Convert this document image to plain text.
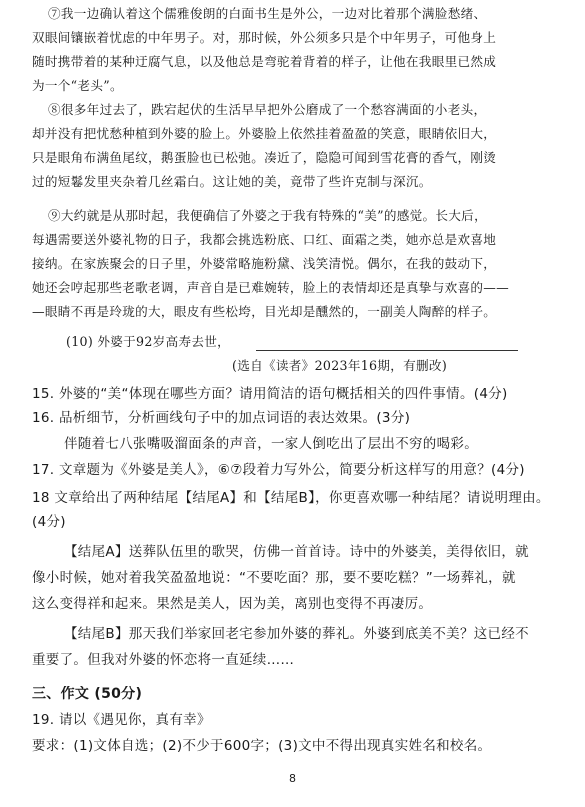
⑦我一边确认着这个儒雅俊朗的白面书生是外公，一边对比着那个满脸愁绪、
双眼间镶嵌着忧虑的中年男子。对，那时候，外公须多只是个中年男子，可他身上
随时携带着的某种迂腐气息，以及他总是弯驼着背着的样子，让他在我眼里已然成
为一个“老头”。
⑧很多年过去了，跌宕起伏的生活早早把外公磨成了一个愁容满面的小老头，
却并没有把忧愁种植到外婆的脸上。外婆脸上依然挂着盈盈的笑意，眼睛依旧大，
只是眼角布满鱼尾纹，鹅蛋脸也已松弛。凑近了，隐隐可闻到雪花膏的香气，刚烫
过的短鬈发里夹杂着几丝霜白。这让她的美，竟带了些许克制与深沉。
⑨大约就是从那时起，我便确信了外婆之于我有特殊的“美”的感觉。长大后，
每遇需要送外婆礼物的日子，我都会挑选粉底、口红、面霜之类，她亦总是欢喜地
接纳。在家族聚会的日子里，外婆常略施粉黛、浅笑清悦。偶尔，在我的鼓动下，
她还会哼起那些老歌老调，声音自是已难婉转，脸上的表情却还是真挚与欢喜的——
—眼睛不再是玲珑的大，眼皮有些松垮，目光却是醺然的，一副美人陶醉的样子。
(10) 外婆于92岁高寿去世，
(选自《读者》2023年16期，有删改)
15. 外婆的“美“体现在哪些方面？请用简洁的语句概括相关的四件事情。(4分)
16. 品析细节，分析画线句子中的加点词语的表达效果。(3分)
伴随着七八张嘴吸溜面条的声音，一家人倒吃出了层出不穷的喝彩。
17. 文章题为《外婆是美人》，⑥⑦段着力写外公，简要分析这样写的用意？(4分)
18 文章给出了两种结尾【结尾A】和【结尾B】，你更喜欢哪一种结尾？请说明理由。
(4分)
【结尾A】送葬队伍里的歌哭，仿佛一首首诗。诗中的外婆美，美得依旧，就
像小时候，她对着我笑盈盈地说：“不要吃面？那，要不要吃糕？”一场葬礼，就
这么变得祥和起来。果然是美人，因为美，离别也变得不再凄厉。
【结尾B】那天我们举家回老宅参加外婆的葬礼。外婆到底美不美？这已经不
重要了。但我对外婆的怀恋将一直延续……
三、作文 (50分)
19. 请以《遇见你，真有幸》
要求：(1)文体自选；(2)不少于600字；(3)文中不得出现真实姓名和校名。
8
